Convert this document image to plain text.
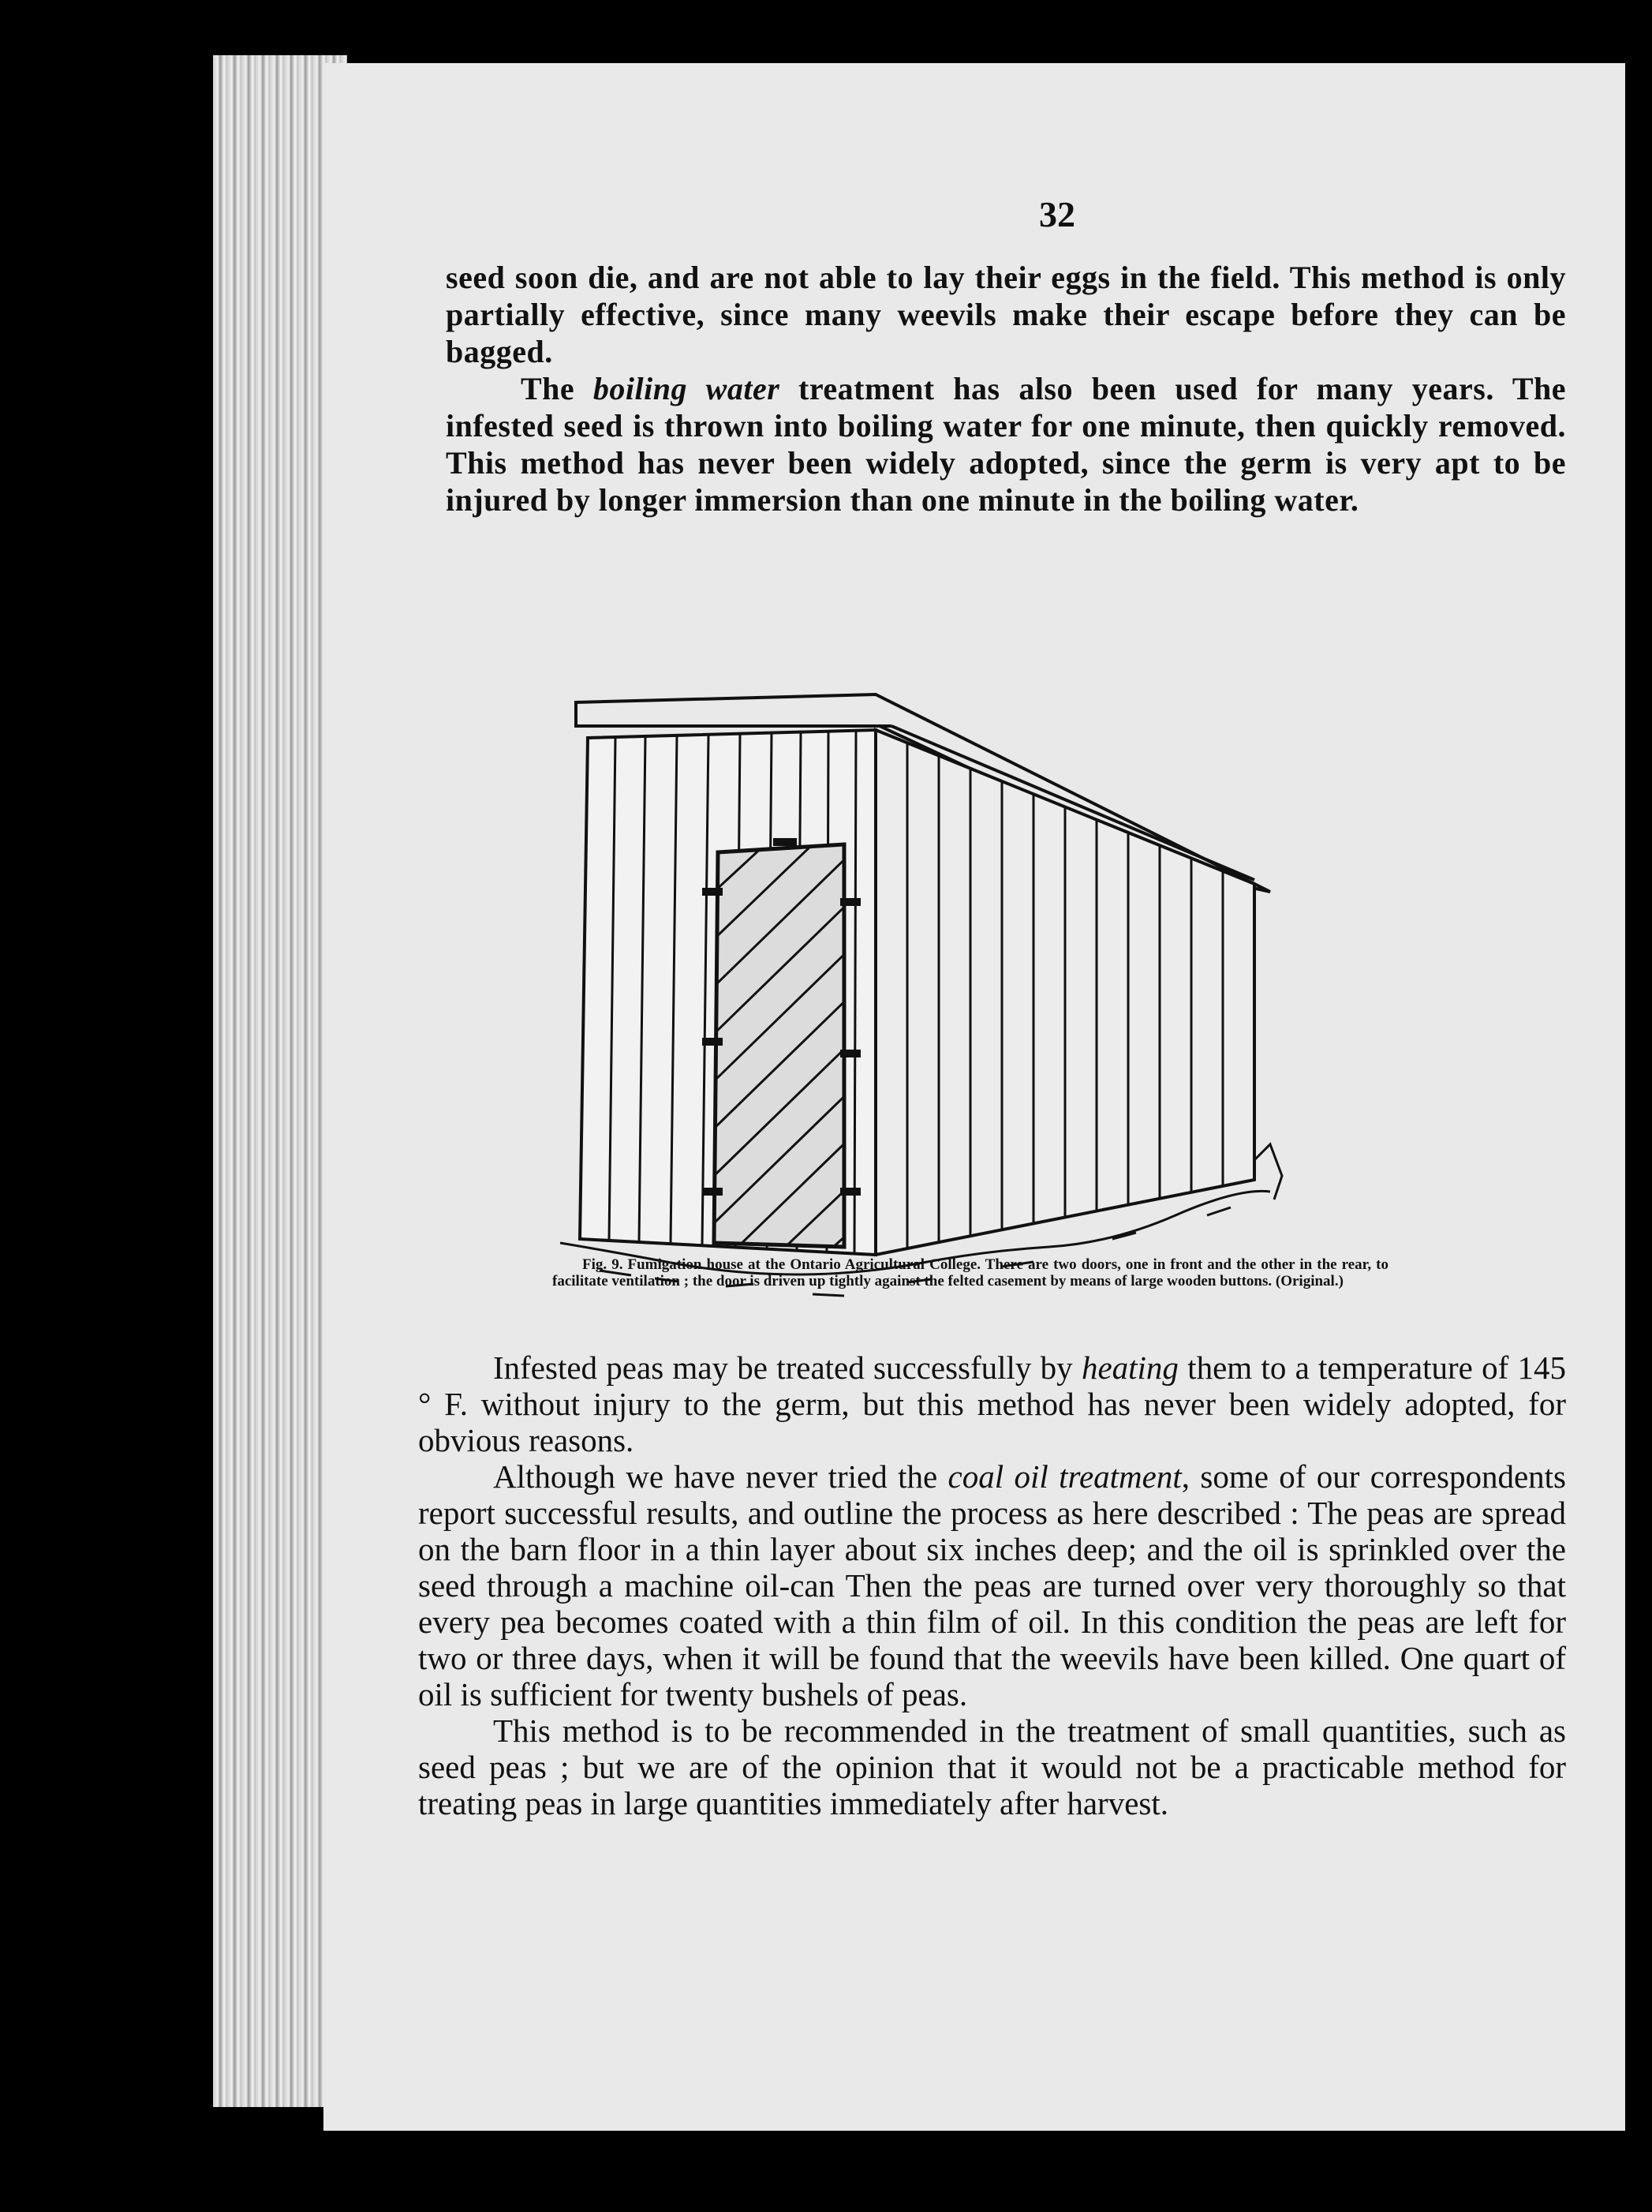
32

seed soon die, and are not able to lay their eggs in the field. This method is only partially effective, since many weevils make their escape before they can be bagged.

The boiling water treatment has also been used for many years. The infested seed is thrown into boiling water for one minute, then quickly removed. This method has never been widely adopted, since the germ is very apt to be injured by longer immersion than one minute in the boiling water.

Fig. 9. Fumigation house at the Ontario Agricultural College. There are two doors, one in front and the other in the rear, to facilitate ventilation ; the door is driven up tightly against the felted casement by means of large wooden buttons. (Original.)

Infested peas may be treated successfully by heating them to a temperature of 145 ° F. without injury to the germ, but this method has never been widely adopted, for obvious reasons.

Although we have never tried the coal oil treatment, some of our correspondents report successful results, and outline the process as here described : The peas are spread on the barn floor in a thin layer about six inches deep; and the oil is sprinkled over the seed through a machine oil-can Then the peas are turned over very thoroughly so that every pea becomes coated with a thin film of oil. In this condition the peas are left for two or three days, when it will be found that the weevils have been killed. One quart of oil is sufficient for twenty bushels of peas.

This method is to be recommended in the treatment of small quantities, such as seed peas ; but we are of the opinion that it would not be a practicable method for treating peas in large quantities immediately after harvest.
